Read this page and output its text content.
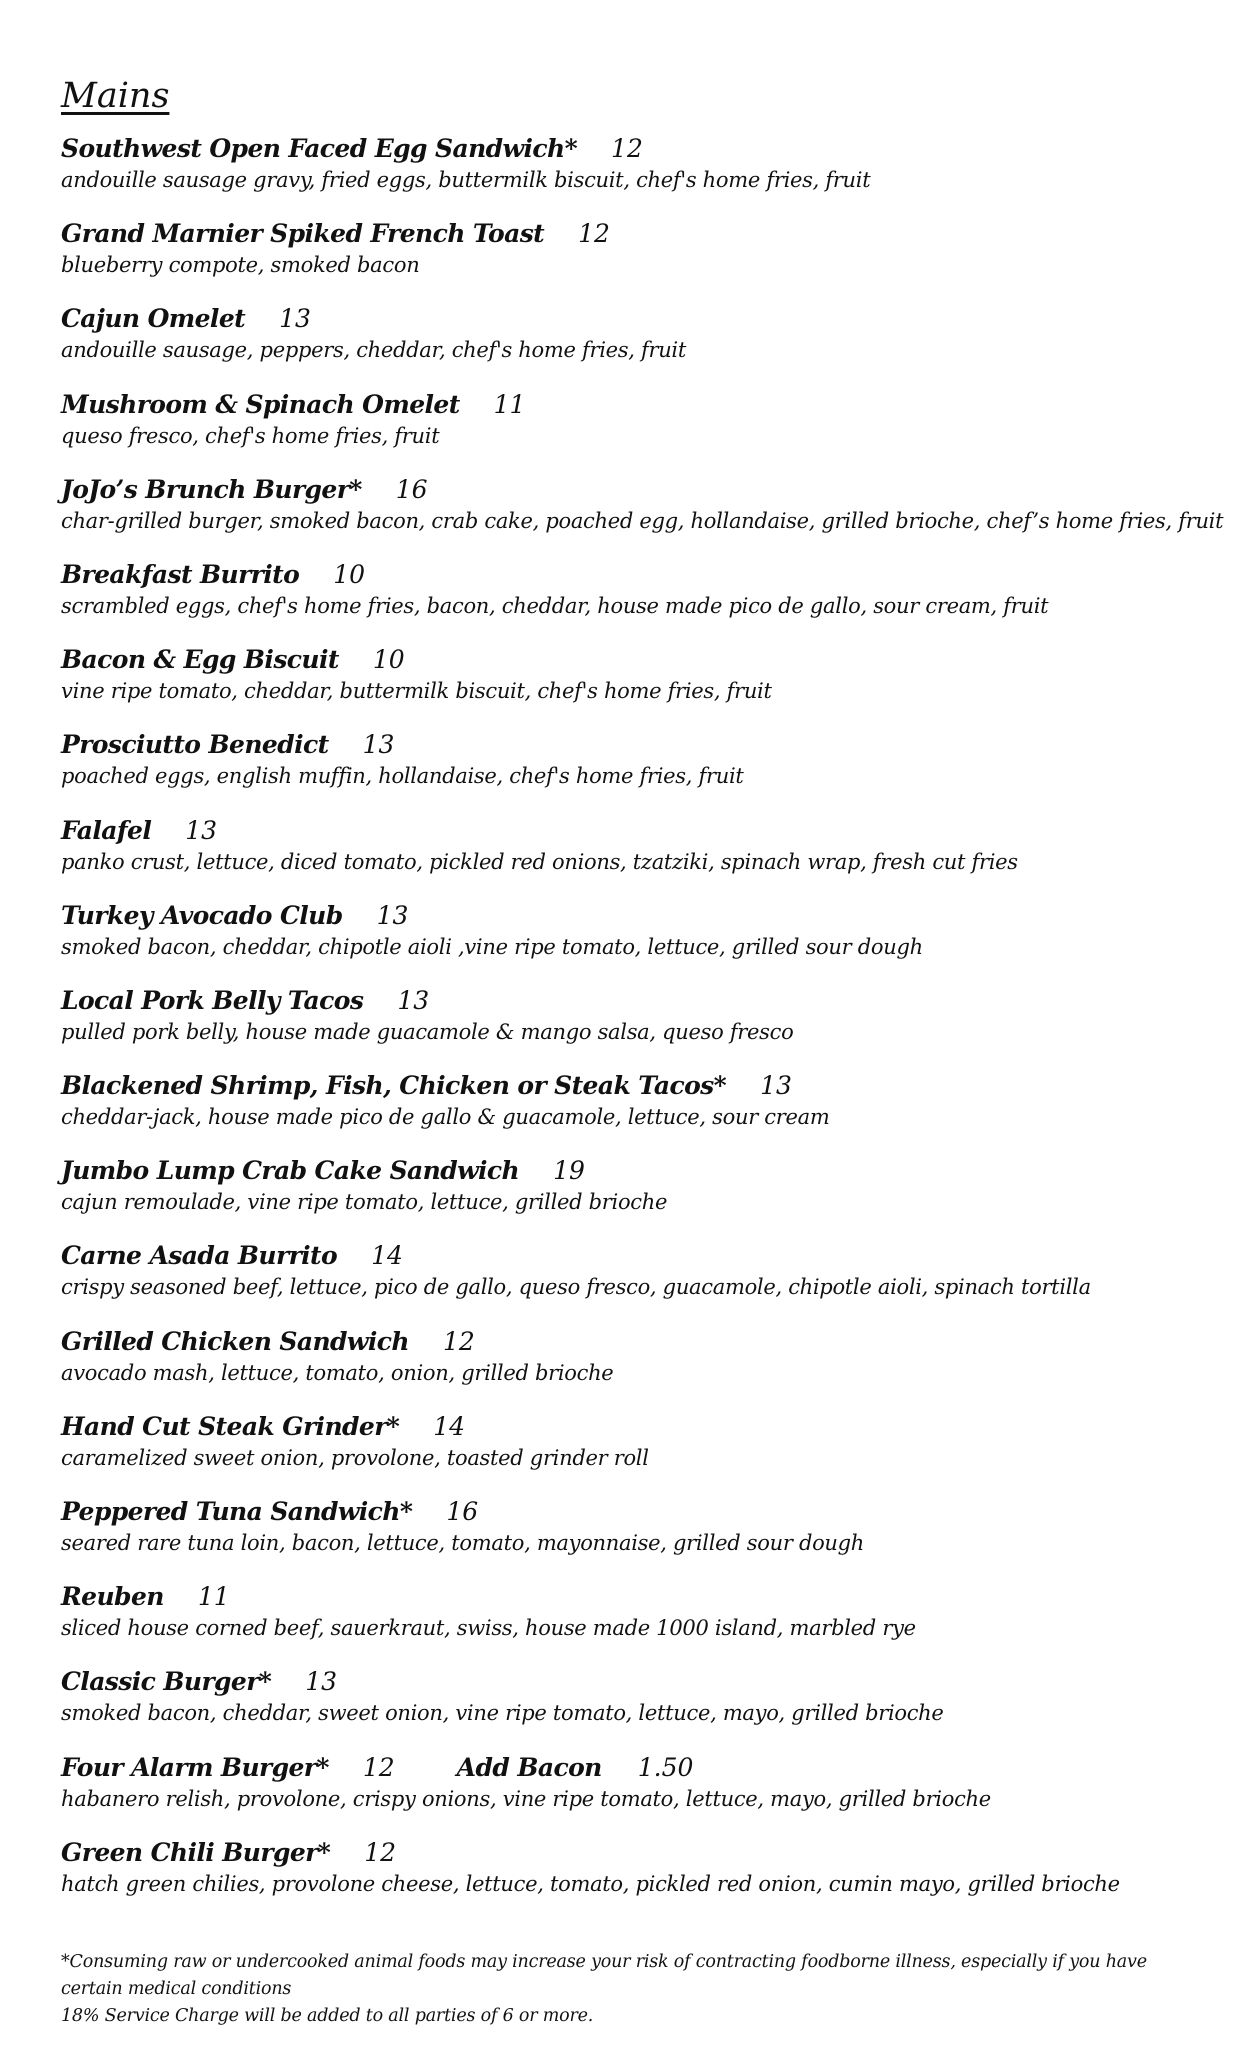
Mains
Southwest Open Faced Egg Sandwich* 12
andouille sausage gravy, fried eggs, buttermilk biscuit, chef's home fries, fruit
Grand Marnier Spiked French Toast 12
blueberry compote, smoked bacon
Cajun Omelet 13
andouille sausage, peppers, cheddar, chef's home fries, fruit
Mushroom & Spinach Omelet 11
queso fresco, chef's home fries, fruit
JoJo’s Brunch Burger* 16
char-grilled burger, smoked bacon, crab cake, poached egg, hollandaise, grilled brioche, chef’s home fries, fruit
Breakfast Burrito 10
scrambled eggs, chef's home fries, bacon, cheddar, house made pico de gallo, sour cream, fruit
Bacon & Egg Biscuit 10
vine ripe tomato, cheddar, buttermilk biscuit, chef's home fries, fruit
Prosciutto Benedict 13
poached eggs, english muffin, hollandaise, chef's home fries, fruit
Falafel 13
panko crust, lettuce, diced tomato, pickled red onions, tzatziki, spinach wrap, fresh cut fries
Turkey Avocado Club 13
smoked bacon, cheddar, chipotle aioli ,vine ripe tomato, lettuce, grilled sour dough
Local Pork Belly Tacos 13
pulled pork belly, house made guacamole & mango salsa, queso fresco
Blackened Shrimp, Fish, Chicken or Steak Tacos* 13
cheddar-jack, house made pico de gallo & guacamole, lettuce, sour cream
Jumbo Lump Crab Cake Sandwich 19
cajun remoulade, vine ripe tomato, lettuce, grilled brioche
Carne Asada Burrito 14
crispy seasoned beef, lettuce, pico de gallo, queso fresco, guacamole, chipotle aioli, spinach tortilla
Grilled Chicken Sandwich 12
avocado mash, lettuce, tomato, onion, grilled brioche
Hand Cut Steak Grinder* 14
caramelized sweet onion, provolone, toasted grinder roll
Peppered Tuna Sandwich* 16
seared rare tuna loin, bacon, lettuce, tomato, mayonnaise, grilled sour dough
Reuben 11
sliced house corned beef, sauerkraut, swiss, house made 1000 island, marbled rye
Classic Burger* 13
smoked bacon, cheddar, sweet onion, vine ripe tomato, lettuce, mayo, grilled brioche
Four Alarm Burger* 12 Add Bacon 1.50
habanero relish, provolone, crispy onions, vine ripe tomato, lettuce, mayo, grilled brioche
Green Chili Burger* 12
hatch green chilies, provolone cheese, lettuce, tomato, pickled red onion, cumin mayo, grilled brioche

*Consuming raw or undercooked animal foods may increase your risk of contracting foodborne illness, especially if you have certain medical conditions

18% Service Charge will be added to all parties of 6 or more.
